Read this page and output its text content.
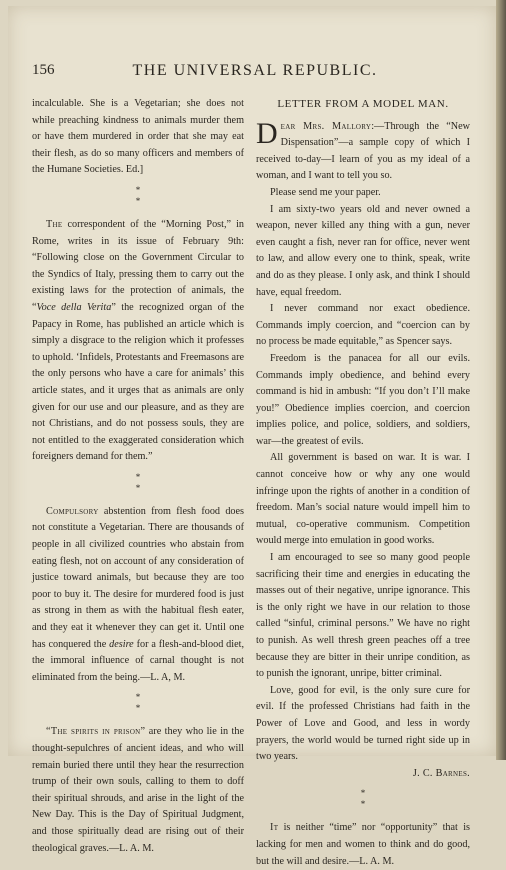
156	THE UNIVERSAL REPUBLIC.

incalculable. She is a Vegetarian; she does not while preaching kindness to animals murder them or have them murdered in order that she may eat their flesh, as do so many officers and members of the Humane Societies. Ed.]

*
*

The correspondent of the “Morning Post,” in Rome, writes in its issue of February 9th: “Following close on the Government Circular to the Syndics of Italy, pressing them to carry out the existing laws for the protection of animals, the “Voce della Verita” the recognized organ of the Papacy in Rome, has published an article which is simply a disgrace to the religion which it professes to uphold. ‘Infidels, Protestants and Freemasons are the only persons who have a care for animals’ this article states, and it urges that as animals are only given for our use and our pleasure, and as they are not Christians, and do not possess souls, they are not entitled to the exaggerated consideration which foreigners demand for them.”

*
*

Compulsory abstention from flesh food does not constitute a Vegetarian. There are thousands of people in all civilized countries who abstain from eating flesh, not on account of any consideration of justice toward animals, but because they are too poor to buy it. The desire for murdered food is just as strong in them as with the habitual flesh eater, and they eat it whenever they can get it. Until one has conquered the desire for a flesh-and-blood diet, the immoral influence of carnal thought is not eliminated from the being.—L. A, M.

*
*

“The spirits in prison” are they who lie in the thought-sepulchres of ancient ideas, and who will remain buried there until they hear the resurrection trump of their own souls, calling to them to doff their spiritual shrouds, and arise in the light of the New Day. This is the Day of Spiritual Judgment, and those spiritually dead are rising out of their theological graves.—L. A. M.

LETTER FROM A MODEL MAN.

Dear Mrs. Mallory:—Through the “New Dispensation”—a sample copy of which I received to-day—I learn of you as my ideal of a woman, and I want to tell you so.

Please send me your paper.

I am sixty-two years old and never owned a weapon, never killed any thing with a gun, never even caught a fish, never ran for office, never went to law, and allow every one to think, speak, write and do as they please. I only ask, and think I should have, equal freedom.

I never command nor exact obedience. Commands imply coercion, and “coercion can by no process be made equitable,” as Spencer says.

Freedom is the panacea for all our evils. Commands imply obedience, and behind every command is hid in ambush: “If you don’t I’ll make you!” Obedience implies coercion, and coercion implies police, and police, soldiers, and soldiers, war—the greatest of evils.

All government is based on war. It is war. I cannot conceive how or why any one would infringe upon the rights of another in a condition of freedom. Man’s social nature would impell him to mutual, co-operative communism. Competition would merge into emulation in good works.

I am encouraged to see so many good people sacrificing their time and energies in educating the masses out of their negative, unripe ignorance. This is the only right we have in our relation to those called “sinful, criminal persons.” We have no right to punish. As well thresh green peaches off a tree because they are bitter in their unripe condition, as to punish the ignorant, unripe, bitter criminal.

Love, good for evil, is the only sure cure for evil. If the professed Christians had faith in the Power of Love and Good, and less in wordy prayers, the world would be turned right side up in two years.

J. C. Barnes.

*
*

It is neither “time” nor “opportunity” that is lacking for men and women to think and do good, but the will and desire.—L. A. M.
